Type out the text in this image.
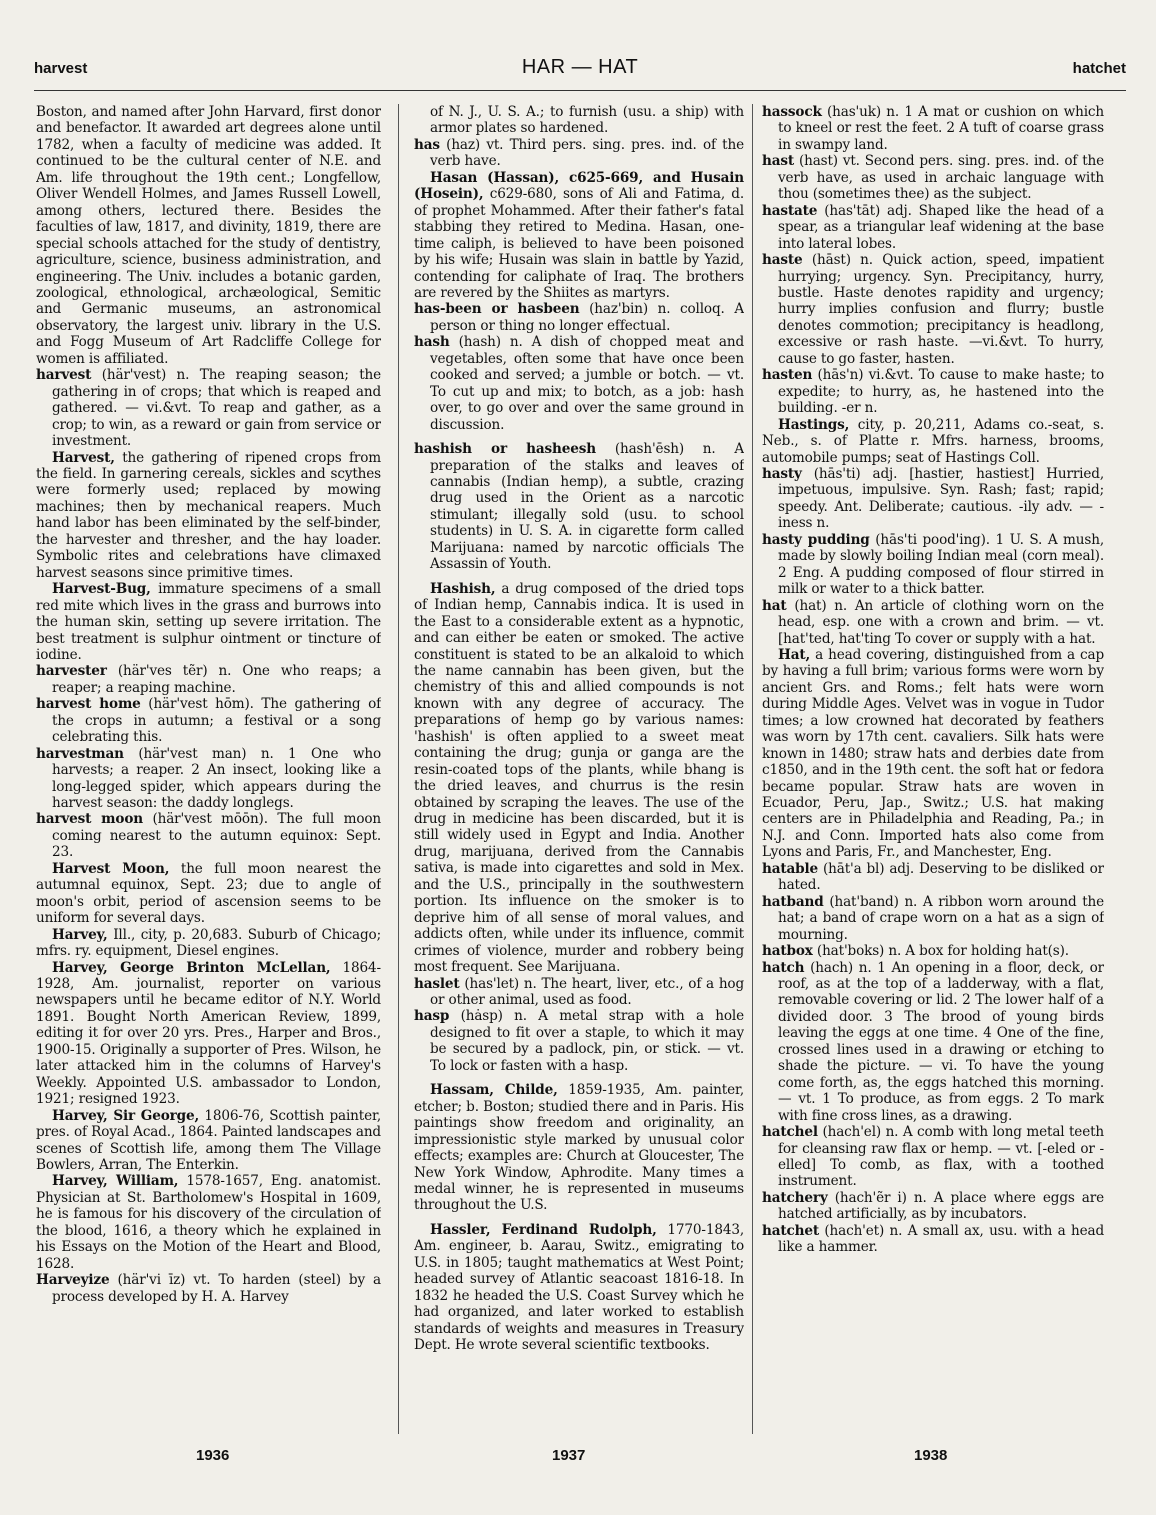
harvest	HAR — HAT	hatchet

Boston, and named after John Harvard, first donor and benefactor. It awarded art degrees alone until 1782, when a faculty of medicine was added. It continued to be the cultural center of N.E. and Am. life throughout the 19th cent.; Longfellow, Oliver Wendell Holmes, and James Russell Lowell, among others, lectured there. Besides the faculties of law, 1817, and divinity, 1819, there are special schools attached for the study of dentistry, agriculture, science, business administration, and engineering. The Univ. includes a botanic garden, zoological, ethnological, archæological, Semitic and Germanic museums, an astronomical observatory, the largest univ. library in the U.S. and Fogg Museum of Art Radcliffe College for women is affiliated.

harvest (här'vest) n. The reaping season; the gathering in of crops; that which is reaped and gathered. — vi.&vt. To reap and gather, as a crop; to win, as a reward or gain from service or investment.

Harvest, the gathering of ripened crops from the field. In garnering cereals, sickles and scythes were formerly used; replaced by mowing machines; then by mechanical reapers. Much hand labor has been eliminated by the self-binder, the harvester and thresher, and the hay loader. Symbolic rites and celebrations have climaxed harvest seasons since primitive times.

Harvest-Bug, immature specimens of a small red mite which lives in the grass and burrows into the human skin, setting up severe irritation. The best treatment is sulphur ointment or tincture of iodine.

harvester (här'ves tẽr) n. One who reaps; a reaper; a reaping machine.

harvest home (här'vest hōm). The gathering of the crops in autumn; a festival or a song celebrating this.

harvestman (här'vest man) n. 1 One who harvests; a reaper. 2 An insect, looking like a long-legged spider, which appears during the harvest season: the daddy longlegs.

harvest moon (här'vest mōōn). The full moon coming nearest to the autumn equinox: Sept. 23.

Harvest Moon, the full moon nearest the autumnal equinox, Sept. 23; due to angle of moon's orbit, period of ascension seems to be uniform for several days.

Harvey, Ill., city, p. 20,683. Suburb of Chicago; mfrs. ry. equipment, Diesel engines.

Harvey, George Brinton McLellan, 1864-1928, Am. journalist, reporter on various newspapers until he became editor of N.Y. World 1891. Bought North American Review, 1899, editing it for over 20 yrs. Pres., Harper and Bros., 1900-15. Originally a supporter of Pres. Wilson, he later attacked him in the columns of Harvey's Weekly. Appointed U.S. ambassador to London, 1921; resigned 1923.

Harvey, Sir George, 1806-76, Scottish painter, pres. of Royal Acad., 1864. Painted landscapes and scenes of Scottish life, among them The Village Bowlers, Arran, The Enterkin.

Harvey, William, 1578-1657, Eng. anatomist. Physician at St. Bartholomew's Hospital in 1609, he is famous for his discovery of the circulation of the blood, 1616, a theory which he explained in his Essays on the Motion of the Heart and Blood, 1628.

Harveyize (här'vi īz) vt. To harden (steel) by a process developed by H. A. Harvey

of N. J., U. S. A.; to furnish (usu. a ship) with armor plates so hardened.

has (haz) vt. Third pers. sing. pres. ind. of the verb have.

Hasan (Hassan), c625-669, and Husain (Hosein), c629-680, sons of Ali and Fatima, d. of prophet Mohammed. After their father's fatal stabbing they retired to Medina. Hasan, one-time caliph, is believed to have been poisoned by his wife; Husain was slain in battle by Yazid, contending for caliphate of Iraq. The brothers are revered by the Shiites as martyrs.

has-been or hasbeen (haz'bin) n. colloq. A person or thing no longer effectual.

hash (hash) n. A dish of chopped meat and vegetables, often some that have once been cooked and served; a jumble or botch. — vt. To cut up and mix; to botch, as a job: hash over, to go over and over the same ground in discussion.

hashish or hasheesh (hash'ēsh) n. A preparation of the stalks and leaves of cannabis (Indian hemp), a subtle, crazing drug used in the Orient as a narcotic stimulant; illegally sold (usu. to school students) in U. S. A. in cigarette form called Marijuana: named by narcotic officials The Assassin of Youth.

Hashish, a drug composed of the dried tops of Indian hemp, Cannabis indica. It is used in the East to a considerable extent as a hypnotic, and can either be eaten or smoked. The active constituent is stated to be an alkaloid to which the name cannabin has been given, but the chemistry of this and allied compounds is not known with any degree of accuracy. The preparations of hemp go by various names: 'hashish' is often applied to a sweet meat containing the drug; gunja or ganga are the resin-coated tops of the plants, while bhang is the dried leaves, and churrus is the resin obtained by scraping the leaves. The use of the drug in medicine has been discarded, but it is still widely used in Egypt and India. Another drug, marijuana, derived from the Cannabis sativa, is made into cigarettes and sold in Mex. and the U.S., principally in the southwestern portion. Its influence on the smoker is to deprive him of all sense of moral values, and addicts often, while under its influence, commit crimes of violence, murder and robbery being most frequent. See Marijuana.

haslet (has'let) n. The heart, liver, etc., of a hog or other animal, used as food.

hasp (hȧsp) n. A metal strap with a hole designed to fit over a staple, to which it may be secured by a padlock, pin, or stick. — vt. To lock or fasten with a hasp.

Hassam, Childe, 1859-1935, Am. painter, etcher; b. Boston; studied there and in Paris. His paintings show freedom and originality, an impressionistic style marked by unusual color effects; examples are: Church at Gloucester, The New York Window, Aphrodite. Many times a medal winner, he is represented in museums throughout the U.S.

Hassler, Ferdinand Rudolph, 1770-1843, Am. engineer, b. Aarau, Switz., emigrating to U.S. in 1805; taught mathematics at West Point; headed survey of Atlantic seacoast 1816-18. In 1832 he headed the U.S. Coast Survey which he had organized, and later worked to establish standards of weights and measures in Treasury Dept. He wrote several scientific textbooks.

hassock (has'uk) n. 1 A mat or cushion on which to kneel or rest the feet. 2 A tuft of coarse grass in swampy land.

hast (hast) vt. Second pers. sing. pres. ind. of the verb have, as used in archaic language with thou (sometimes thee) as the subject.

hastate (has'tāt) adj. Shaped like the head of a spear, as a triangular leaf widening at the base into lateral lobes.

haste (hāst) n. Quick action, speed, impatient hurrying; urgency. Syn. Precipitancy, hurry, bustle. Haste denotes rapidity and urgency; hurry implies confusion and flurry; bustle denotes commotion; precipitancy is headlong, excessive or rash haste. —vi.&vt. To hurry, cause to go faster, hasten.

hasten (hās'n) vi.&vt. To cause to make haste; to expedite; to hurry, as, he hastened into the building. -er n.

Hastings, city, p. 20,211, Adams co.-seat, s. Neb., s. of Platte r. Mfrs. harness, brooms, automobile pumps; seat of Hastings Coll.

hasty (hās'ti) adj. [hastier, hastiest] Hurried, impetuous, impulsive. Syn. Rash; fast; rapid; speedy. Ant. Deliberate; cautious. -ily adv. — -iness n.

hasty pudding (hās'ti pood'ing). 1 U. S. A mush, made by slowly boiling Indian meal (corn meal). 2 Eng. A pudding composed of flour stirred in milk or water to a thick batter.

hat (hat) n. An article of clothing worn on the head, esp. one with a crown and brim. — vt. [hat'ted, hat'ting To cover or supply with a hat.

Hat, a head covering, distinguished from a cap by having a full brim; various forms were worn by ancient Grs. and Roms.; felt hats were worn during Middle Ages. Velvet was in vogue in Tudor times; a low crowned hat decorated by feathers was worn by 17th cent. cavaliers. Silk hats were known in 1480; straw hats and derbies date from c1850, and in the 19th cent. the soft hat or fedora became popular. Straw hats are woven in Ecuador, Peru, Jap., Switz.; U.S. hat making centers are in Philadelphia and Reading, Pa.; in N.J. and Conn. Imported hats also come from Lyons and Paris, Fr., and Manchester, Eng.

hatable (hāt'a bl) adj. Deserving to be disliked or hated.

hatband (hat'band) n. A ribbon worn around the hat; a band of crape worn on a hat as a sign of mourning.

hatbox (hat'boks) n. A box for holding hat(s).

hatch (hach) n. 1 An opening in a floor, deck, or roof, as at the top of a ladderway, with a flat, removable covering or lid. 2 The lower half of a divided door. 3 The brood of young birds leaving the eggs at one time. 4 One of the fine, crossed lines used in a drawing or etching to shade the picture. — vi. To have the young come forth, as, the eggs hatched this morning. — vt. 1 To produce, as from eggs. 2 To mark with fine cross lines, as a drawing.

hatchel (hach'el) n. A comb with long metal teeth for cleansing raw flax or hemp. — vt. [-eled or -elled] To comb, as flax, with a toothed instrument.

hatchery (hach'ẽr i) n. A place where eggs are hatched artificially, as by incubators.

hatchet (hach'et) n. A small ax, usu. with a head like a hammer.

1936	1937	1938
